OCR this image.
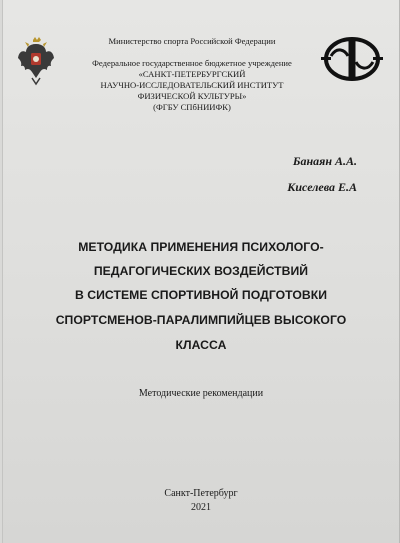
Министерство спорта Российской Федерации
Федеральное государственное бюджетное учреждение
«САНКТ-ПЕТЕРБУРГСКИЙ
НАУЧНО-ИССЛЕДОВАТЕЛЬСКИЙ ИНСТИТУТ
ФИЗИЧЕСКОЙ КУЛЬТУРЫ»
(ФГБУ СПбНИИФК)
Банаян А.А.
Киселева Е.А
МЕТОДИКА ПРИМЕНЕНИЯ ПСИХОЛОГО-
ПЕДАГОГИЧЕСКИХ ВОЗДЕЙСТВИЙ
В СИСТЕМЕ СПОРТИВНОЙ ПОДГОТОВКИ
СПОРТСМЕНОВ-ПАРАЛИМПИЙЦЕВ ВЫСОКОГО
КЛАССА
Методические рекомендации
Санкт-Петербург
2021
